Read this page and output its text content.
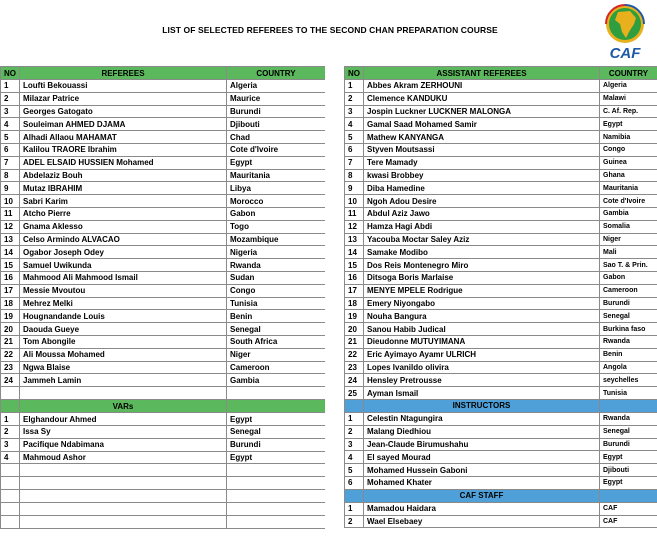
LIST OF SELECTED REFEREES TO THE SECOND CHAN PREPARATION COURSE
CAF
NO	REFEREES	COUNTRY
1	Loufti Bekouassi	Algeria
2	Milazar Patrice	Maurice
3	Georges Gatogato	Burundi
4	Souleiman AHMED DJAMA	Djibouti
5	Alhadi Allaou MAHAMAT	Chad
6	Kalilou TRAORE Ibrahim	Cote d'Ivoire
7	ADEL ELSAID HUSSIEN Mohamed	Egypt
8	Abdelaziz Bouh	Mauritania
9	Mutaz IBRAHIM	Libya
10	Sabri Karim	Morocco
11	Atcho Pierre	Gabon
12	Gnama Aklesso	Togo
13	Celso Armindo ALVACAO	Mozambique
14	Ogabor Joseph Odey	Nigeria
15	Samuel Uwikunda	Rwanda
16	Mahmood Ali Mahmood Ismail	Sudan
17	Messie Mvoutou	Congo
18	Mehrez Melki	Tunisia
19	Hougnandande Louis	Benin
20	Daouda Gueye	Senegal
21	Tom Abongile	South Africa
22	Ali Moussa Mohamed	Niger
23	Ngwa Blaise	Cameroon
24	Jammeh Lamin	Gambia

	VARs	
1	Elghandour Ahmed	Egypt
2	Issa Sy	Senegal
3	Pacifique Ndabimana	Burundi
4	Mahmoud Ashor	Egypt

NO	ASSISTANT REFEREES	COUNTRY
1	Abbes Akram ZERHOUNI	Algeria
2	Clemence KANDUKU	Malawi
3	Jospin Luckner LUCKNER MALONGA	C. Af. Rep.
4	Gamal Saad Mohamed Samir	Egypt
5	Mathew KANYANGA	Namibia
6	Styven Moutsassi	Congo
7	Tere Mamady	Guinea
8	kwasi Brobbey	Ghana
9	Diba Hamedine	Mauritania
10	Ngoh Adou Desire	Cote d'Ivoire
11	Abdul Aziz Jawo	Gambia
12	Hamza Hagi Abdi	Somalia
13	Yacouba Moctar Saley Aziz	Niger
14	Samake Modibo	Mali
15	Dos Reis Montenegro Miro	Sao T. & Prin.
16	Ditsoga Boris Marlaise	Gabon
17	MENYE MPELE Rodrigue	Cameroon
18	Emery Niyongabo	Burundi
19	Nouha Bangura	Senegal
20	Sanou Habib Judical	Burkina faso
21	Dieudonne MUTUYIMANA	Rwanda
22	Eric Ayimayo Ayamr ULRICH	Benin
23	Lopes Ivanildo olivira	Angola
24	Hensley Pretrousse	seychelles
25	Ayman Ismail	Tunisia
	INSTRUCTORS	
1	Celestin Ntagungira	Rwanda
2	Malang Diedhiou	Senegal
3	Jean-Claude Birumushahu	Burundi
4	El sayed Mourad	Egypt
5	Mohamed Hussein Gaboni	Djibouti
6	Mohamed Khater	Egypt
	CAF STAFF	
1	Mamadou Haidara	CAF
2	Wael Elsebaey	CAF
